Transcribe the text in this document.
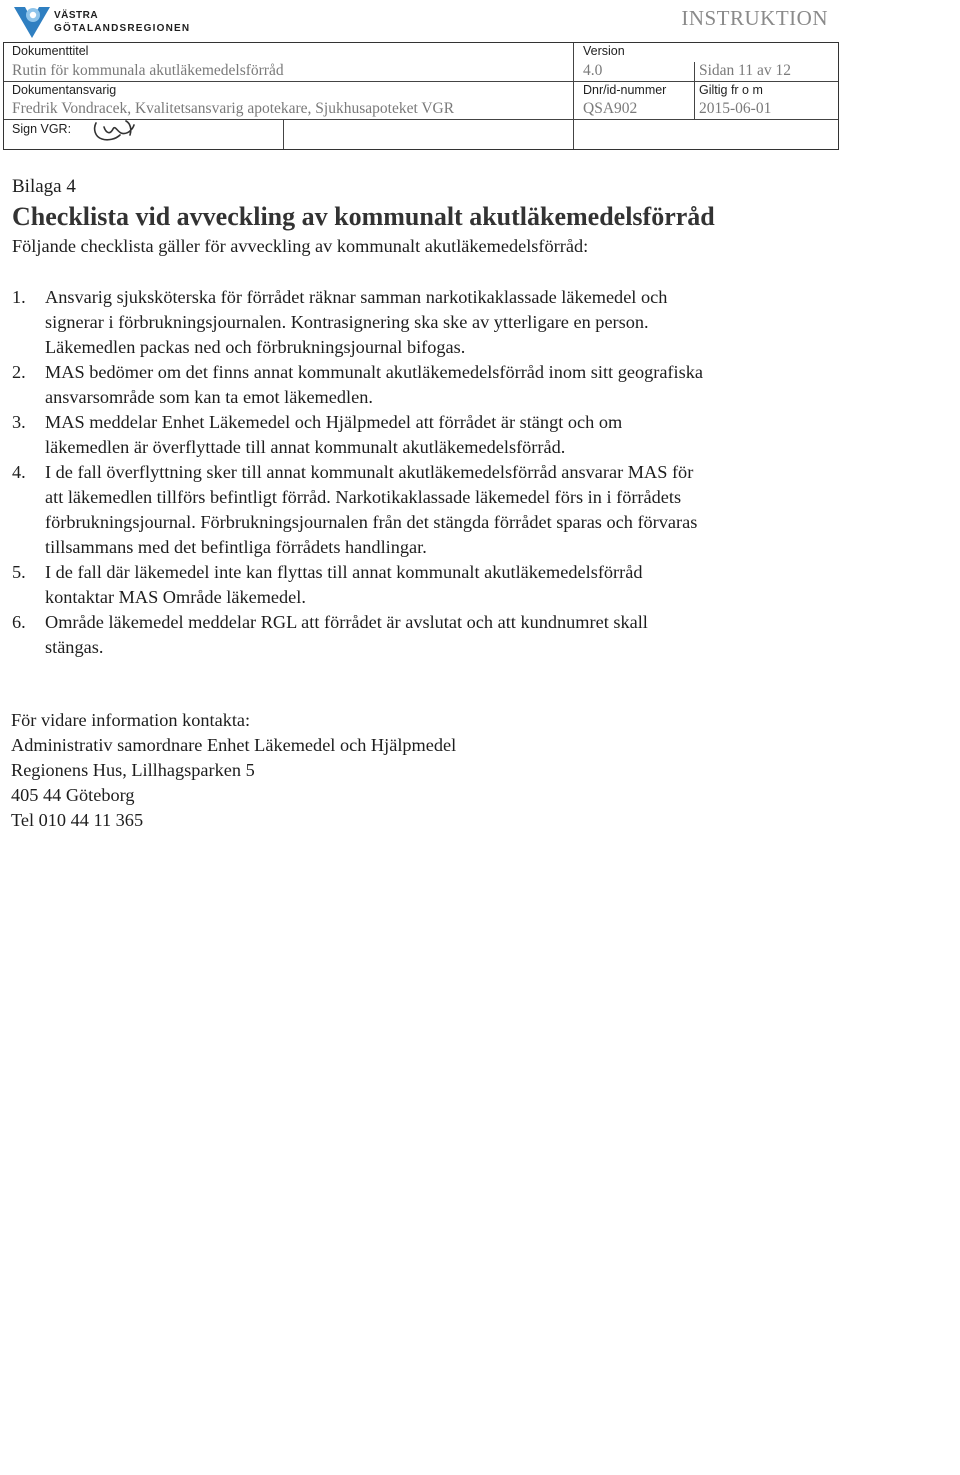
VÄSTRA
GÖTALANDSREGIONEN	INSTRUKTION
Dokumenttitel
Rutin för kommunala akutläkemedelsförråd
Version
4.0	Sidan 11 av 12
Dokumentansvarig
Fredrik Vondracek, Kvalitetsansvarig apotekare, Sjukhusapoteket VGR
Dnr/id-nummer
QSA902
Giltig fr o m
2015-06-01
Sign VGR:
Bilaga 4
Checklista vid avveckling av kommunalt akutläkemedelsförråd
Följande checklista gäller för avveckling av kommunalt akutläkemedelsförråd:
1. Ansvarig sjuksköterska för förrådet räknar samman narkotikaklassade läkemedel och
signerar i förbrukningsjournalen. Kontrasignering ska ske av ytterligare en person.
Läkemedlen packas ned och förbrukningsjournal bifogas.
2. MAS bedömer om det finns annat kommunalt akutläkemedelsförråd inom sitt geografiska
ansvarsområde som kan ta emot läkemedlen.
3. MAS meddelar Enhet Läkemedel och Hjälpmedel att förrådet är stängt och om
läkemedlen är överflyttade till annat kommunalt akutläkemedelsförråd.
4. I de fall överflyttning sker till annat kommunalt akutläkemedelsförråd ansvarar MAS för
att läkemedlen tillförs befintligt förråd. Narkotikaklassade läkemedel förs in i förrådets
förbrukningsjournal. Förbrukningsjournalen från det stängda förrådet sparas och förvaras
tillsammans med det befintliga förrådets handlingar.
5. I de fall där läkemedel inte kan flyttas till annat kommunalt akutläkemedelsförråd
kontaktar MAS Område läkemedel.
6. Område läkemedel meddelar RGL att förrådet är avslutat och att kundnumret skall
stängas.
För vidare information kontakta:
Administrativ samordnare Enhet Läkemedel och Hjälpmedel
Regionens Hus, Lillhagsparken 5
405 44 Göteborg
Tel 010 44 11 365
